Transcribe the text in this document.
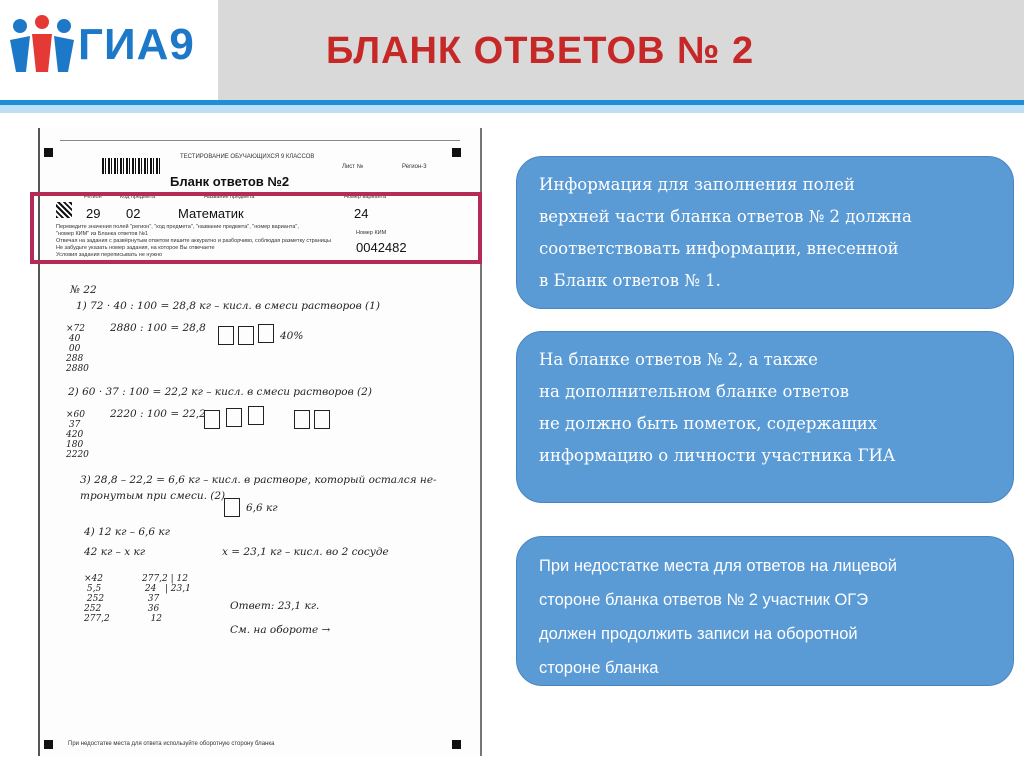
ГИА9	БЛАНК ОТВЕТОВ № 2
ТЕСТИРОВАНИЕ ОБУЧАЮЩИХСЯ 9 КЛАССОВ
Лист №	Регион-3
Бланк ответов №2
Регион	Код предмета	Название предмета	Номер варианта
Номер КИМ
29 02	Математик	24
0042482
Переведите значения полей "регион", "код предмета", "название предмета", "номер варианта",
"номер КИМ" из Бланка ответов №1
Отвечая на задания с развёрнутым ответом пишите аккуратно и разборчиво, соблюдая разметку страницы
Не забудьте указать номер задания, на которое Вы отвечаете
Условия задания переписывать не нужно
№ 22
1) 72 · 40 : 100 = 28,8 кг – кисл. в смеси растворов (1)
2880 : 100 = 28,8
40%
×72
40
00
288
2880
2) 60 · 37 : 100 = 22,2 кг – кисл. в смеси растворов (2)
2220 : 100 = 22,2
×60
37
420
180
2220
3) 28,8 – 22,2 = 6,6 кг – кисл. в растворе, который остался не-
тронутым при смеси. (2)
6,6 кг
4) 12 кг – 6,6 кг
42 кг – x кг	x = 23,1 кг – кисл. во 2 сосуде
×42
5,5
252
252
277,2
277,2 | 12
24   | 23,1
37
36
12
Ответ: 23,1 кг.
См. на обороте →
При недостатке места для ответа используйте оборотную сторону бланка

Информация для заполнения полей
верхней части бланка ответов № 2 должна
соответствовать информации, внесенной
в Бланк ответов № 1.

На бланке ответов № 2, а также
на дополнительном бланке ответов
не должно быть пометок, содержащих
информацию о личности участника ГИА

При недостатке места для ответов на лицевой
стороне бланка ответов № 2 участник ОГЭ
должен продолжить записи на оборотной
стороне бланка
